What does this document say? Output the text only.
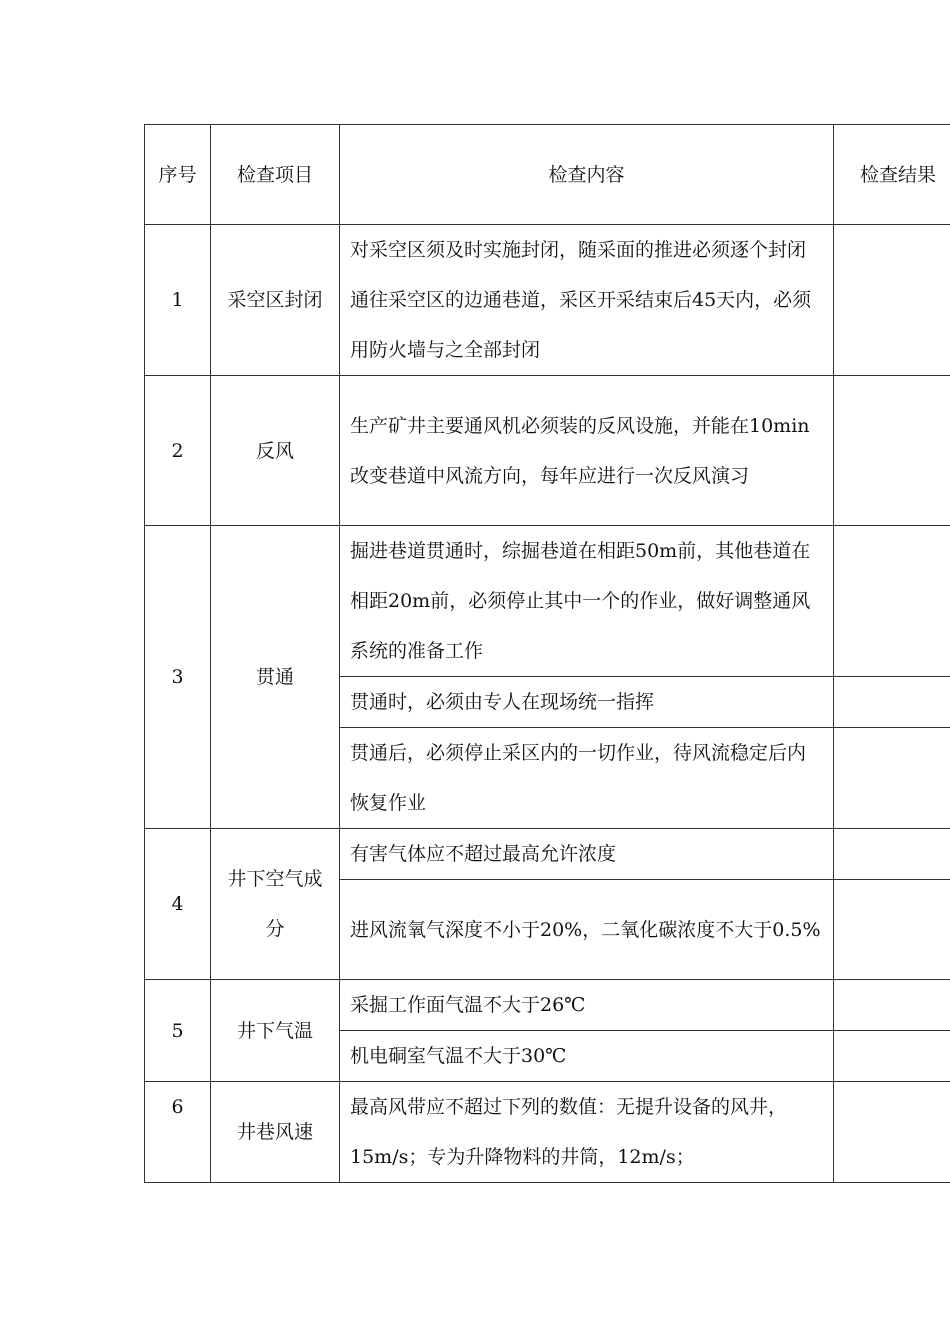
序号	检查项目	检查内容	检查结果
1	采空区封闭	对采空区须及时实施封闭，随采面的推进必须逐个封闭通往采空区的边通巷道，采区开采结束后45天内，必须用防火墙与之全部封闭	
2	反风	生产矿井主要通风机必须装的反风设施，并能在10min改变巷道中风流方向，每年应进行一次反风演习	
3	贯通	掘进巷道贯通时，综掘巷道在相距50m前，其他巷道在相距20m前，必须停止其中一个的作业，做好调整通风系统的准备工作	
		贯通时，必须由专人在现场统一指挥	
		贯通后，必须停止采区内的一切作业，待风流稳定后内恢复作业	
4	井下空气成分	有害气体应不超过最高允许浓度	
		进风流氧气深度不小于20%，二氧化碳浓度不大于0.5%	
5	井下气温	采掘工作面气温不大于26℃	
		机电硐室气温不大于30℃	
6	井巷风速	最高风带应不超过下列的数值：无提升设备的风井，15m/s；专为升降物料的井筒，12m/s；	
